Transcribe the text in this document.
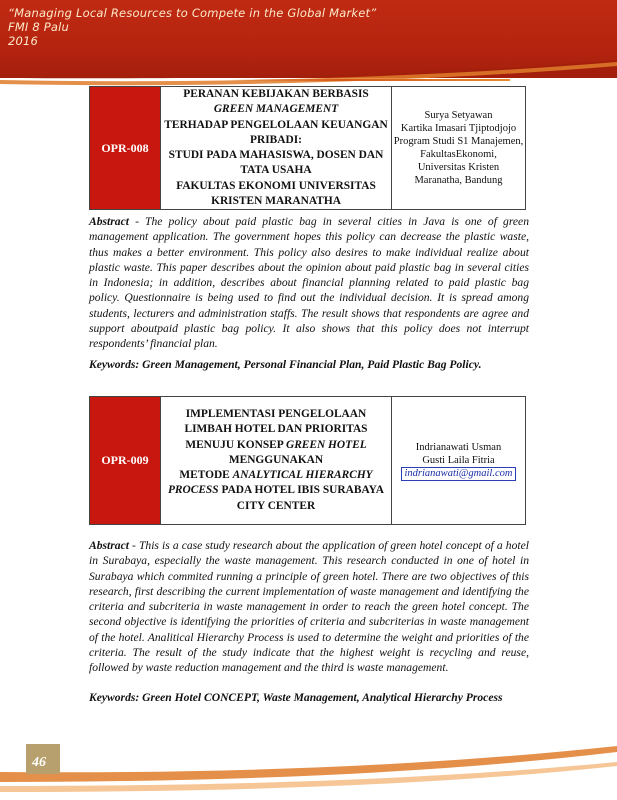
“Managing Local Resources to Compete in the Global Market”
FMI 8 Palu
2016
OPR-008	PERANAN KEBIJAKAN BERBASIS
GREEN MANAGEMENT
TERHADAP PENGELOLAAN KEUANGAN PRIBADI:
STUDI PADA MAHASISWA, DOSEN DAN TATA USAHA
FAKULTAS EKONOMI UNIVERSITAS KRISTEN MARANATHA	Surya Setyawan
Kartika Imasari Tjiptodjojo
Program Studi S1 Manajemen,
FakultasEkonomi,
Universitas Kristen
Maranatha, Bandung
Abstract - The policy about paid plastic bag in several cities in Java is one of green management application. The government hopes this policy can decrease the plastic waste, thus makes a better environment. This policy also desires to make individual realize about plastic waste. This paper describes about the opinion about paid plastic bag in several cities in Indonesia; in addition, describes about financial planning related to paid plastic bag policy. Questionnaire is being used to find out the individual decision. It is spread among students, lecturers and administration staffs. The result shows that respondents are agree and support aboutpaid plastic bag policy. It also shows that this policy does not interrupt respondents’ financial plan.
Keywords: Green Management, Personal Financial Plan, Paid Plastic Bag Policy.
OPR-009	IMPLEMENTASI PENGELOLAAN LIMBAH HOTEL DAN PRIORITAS MENUJU KONSEP GREEN HOTEL
MENGGUNAKAN
METODE ANALYTICAL HIERARCHY PROCESS PADA HOTEL IBIS SURABAYA CITY CENTER	Indrianawati Usman
Gusti Laila Fitria
indrianawati@gmail.com
Abstract - This is a case study research about the application of green hotel concept of a hotel in Surabaya, especially the waste management. This research conducted in one of hotel in Surabaya which commited running a principle of green hotel. There are two objectives of this research, first describing the current implementation of waste management and identifying the criteria and subcriteria in waste management in order to reach the green hotel concept. The second objective is identifying the priorities of criteria and subcriterias in waste management of the hotel. Analitical Hierarchy Process is used to determine the weight and priorities of the criteria. The result of the study indicate that the highest weight is recycling and reuse, followed by waste reduction management and the third is waste management.
Keywords: Green Hotel CONCEPT, Waste Management, Analytical Hierarchy Process
46
